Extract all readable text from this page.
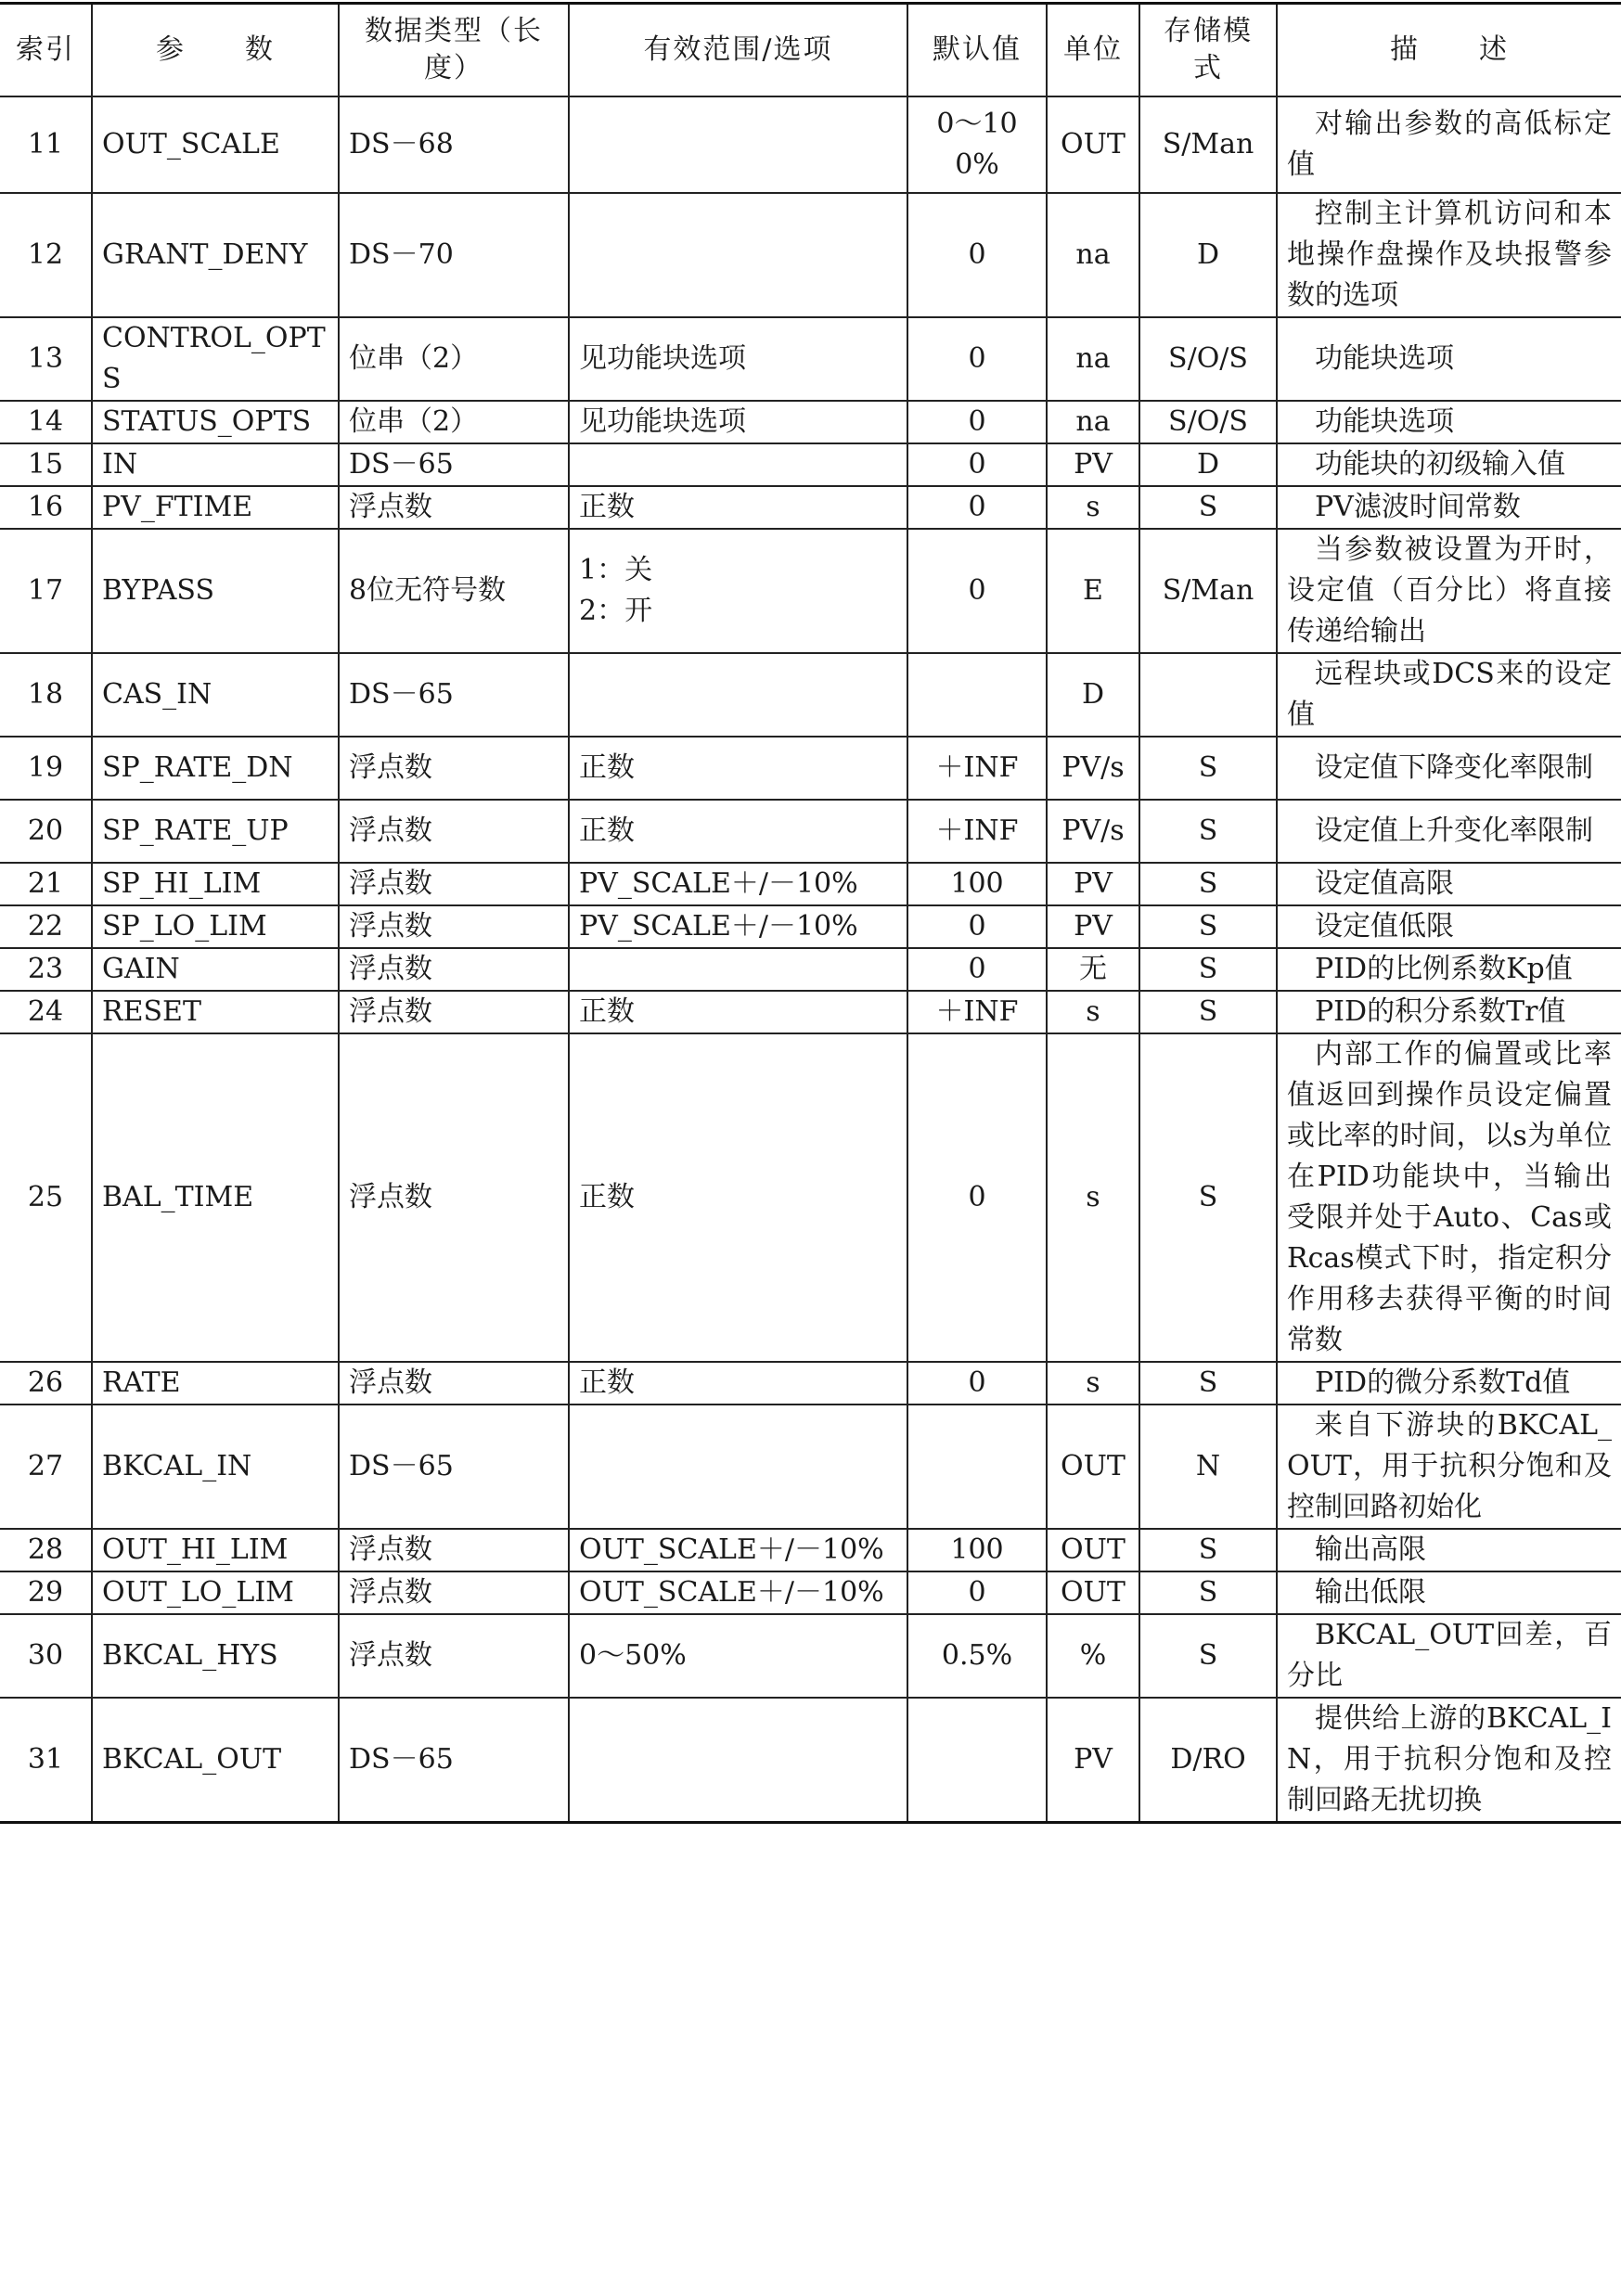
索引	参　　数	数据类型（长度）	有效范围/选项	默认值	单位	存储模式	描　　述
11	OUT_SCALE	DS－68		0～100%	OUT	S/Man	对输出参数的高低标定值
12	GRANT_DENY	DS－70		0	na	D	控制主计算机访问和本地操作盘操作及块报警参数的选项
13	CONTROL_OPTS	位串（2）	见功能块选项	0	na	S/O/S	功能块选项
14	STATUS_OPTS	位串（2）	见功能块选项	0	na	S/O/S	功能块选项
15	IN	DS－65		0	PV	D	功能块的初级输入值
16	PV_FTIME	浮点数	正数	0	s	S	PV滤波时间常数
17	BYPASS	8位无符号数	1：关
2：开	0	E	S/Man	当参数被设置为开时，设定值（百分比）将直接传递给输出
18	CAS_IN	DS－65			D		远程块或DCS来的设定值
19	SP_RATE_DN	浮点数	正数	＋INF	PV/s	S	设定值下降变化率限制
20	SP_RATE_UP	浮点数	正数	＋INF	PV/s	S	设定值上升变化率限制
21	SP_HI_LIM	浮点数	PV_SCALE＋/－10%	100	PV	S	设定值高限
22	SP_LO_LIM	浮点数	PV_SCALE＋/－10%	0	PV	S	设定值低限
23	GAIN	浮点数		0	无	S	PID的比例系数Kp值
24	RESET	浮点数	正数	＋INF	s	S	PID的积分系数Tr值
25	BAL_TIME	浮点数	正数	0	s	S	内部工作的偏置或比率值返回到操作员设定偏置或比率的时间，以s为单位在PID功能块中，当输出受限并处于Auto、Cas或Rcas模式下时，指定积分作用移去获得平衡的时间常数
26	RATE	浮点数	正数	0	s	S	PID的微分系数Td值
27	BKCAL_IN	DS－65			OUT	N	来自下游块的BKCAL_OUT，用于抗积分饱和及控制回路初始化
28	OUT_HI_LIM	浮点数	OUT_SCALE＋/－10%	100	OUT	S	输出高限
29	OUT_LO_LIM	浮点数	OUT_SCALE＋/－10%	0	OUT	S	输出低限
30	BKCAL_HYS	浮点数	0～50%	0.5%	%	S	BKCAL_OUT回差，百分比
31	BKCAL_OUT	DS－65			PV	D/RO	提供给上游的BKCAL_IN，用于抗积分饱和及控制回路无扰切换
